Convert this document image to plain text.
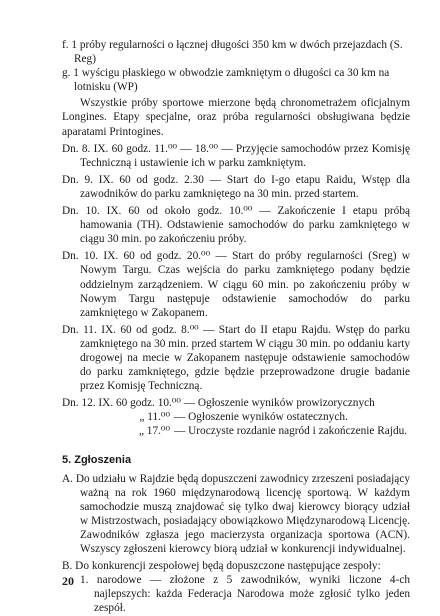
f. 1 próby regularności o łącznej długości 350 km w dwóch przejazdach (S. Reg)

g. 1 wyścigu płaskiego w obwodzie zamkniętym o długości ca 30 km na lotnisku (WP)

Wszystkie próby sportowe mierzone będą chronometrażem oficjalnym Longines. Etapy specjalne, oraz próba regularności obsługiwana będzie aparatami Printogines.

Dn. 8. IX. 60 godz. 11.⁰⁰ — 18.⁰⁰ — Przyjęcie samochodów przez Komisję Techniczną i ustawienie ich w parku zamkniętym.

Dn. 9. IX. 60 od godz. 2.30 — Start do I-go etapu Raidu, Wstęp dla zawodników do parku zamkniętego na 30 min. przed startem.

Dn. 10. IX. 60 od około godz. 10.⁰⁰ — Zakończenie I etapu próbą hamowania (TH). Odstawienie samochodów do parku zamkniętego w ciągu 30 min. po zakończeniu próby.

Dn. 10. IX. 60 od godz. 20.⁰⁰ — Start do próby regularności (Sreg) w Nowym Targu. Czas wejścia do parku zamkniętego podany będzie oddzielnym zarządzeniem. W ciągu 60 min. po zakończeniu próby w Nowym Targu następuje odstawienie samochodów do parku zamkniętego w Zakopanem.

Dn. 11. IX. 60 od godz. 8.⁰⁰ — Start do II etapu Rajdu. Wstęp do parku zamkniętego na 30 min. przed startem W ciągu 30 min. po oddaniu karty drogowej na mecie w Zakopanem następuje odstawienie samochodów do parku zamkniętego, gdzie będzie przeprowadzone drugie badanie przez Komisję Techniczną.

Dn. 12. IX. 60 godz. 10.⁰⁰ — Ogłoszenie wyników prowizorycznych

„ 11.⁰⁰ — Ogłoszenie wyników ostatecznych.
„ 17.⁰⁰ — Uroczyste rozdanie nagród i zakończenie Rajdu.
5. Zgłoszenia

A. Do udziału w Rajdzie będą dopuszczeni zawodnicy zrzeszeni posiadający ważną na rok 1960 międzynarodową licencję sportową. W każdym samochodzie muszą znajdować się tylko dwaj kierowcy biorący udział w Mistrzostwach, posiadający obowiązkowo Międzynarodową Licencję. Zawodników zgłasza jego macierzysta organizacja sportowa (ACN). Wszyscy zgłoszeni kierowcy biorą udział w konkurencji indywidualnej.

B. Do konkurencji zespołowej będą dopuszczone następujące zespoły:

1. narodowe — złożone z 5 zawodników, wyniki liczone 4-ch najlepszych: każda Federacja Narodowa może zgłosić tylko jeden zespół.

20
